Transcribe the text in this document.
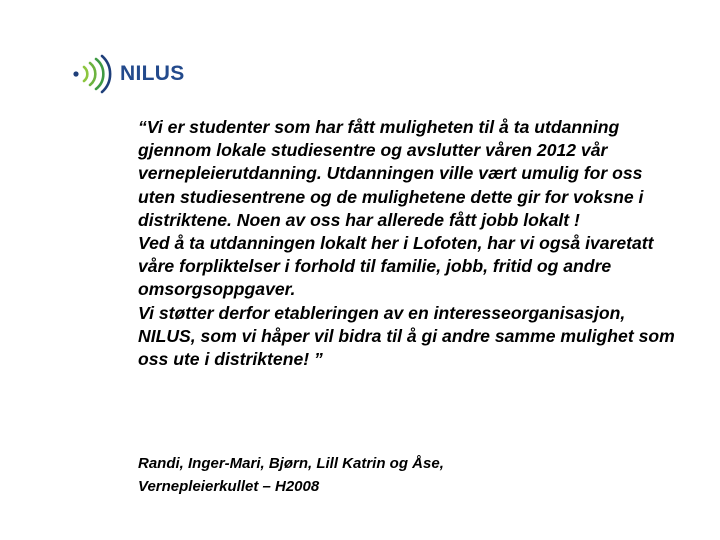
NILUS

“Vi er studenter som har fått muligheten til å ta utdanning gjennom lokale studiesentre og avslutter våren 2012 vår vernepleierutdanning. Utdanningen ville vært umulig for oss uten studiesentrene og de mulighetene dette gir for voksne i distriktene. Noen av oss har allerede fått jobb lokalt !

Ved å ta utdanningen lokalt her i Lofoten, har vi også ivaretatt våre forpliktelser i forhold til familie, jobb, fritid og andre omsorgsoppgaver.

Vi støtter derfor etableringen av en interesseorganisasjon, NILUS, som vi håper vil bidra til å gi andre samme mulighet som oss ute i distriktene! ”

Randi, Inger-Mari, Bjørn, Lill Katrin og Åse,

Vernepleierkullet – H2008
